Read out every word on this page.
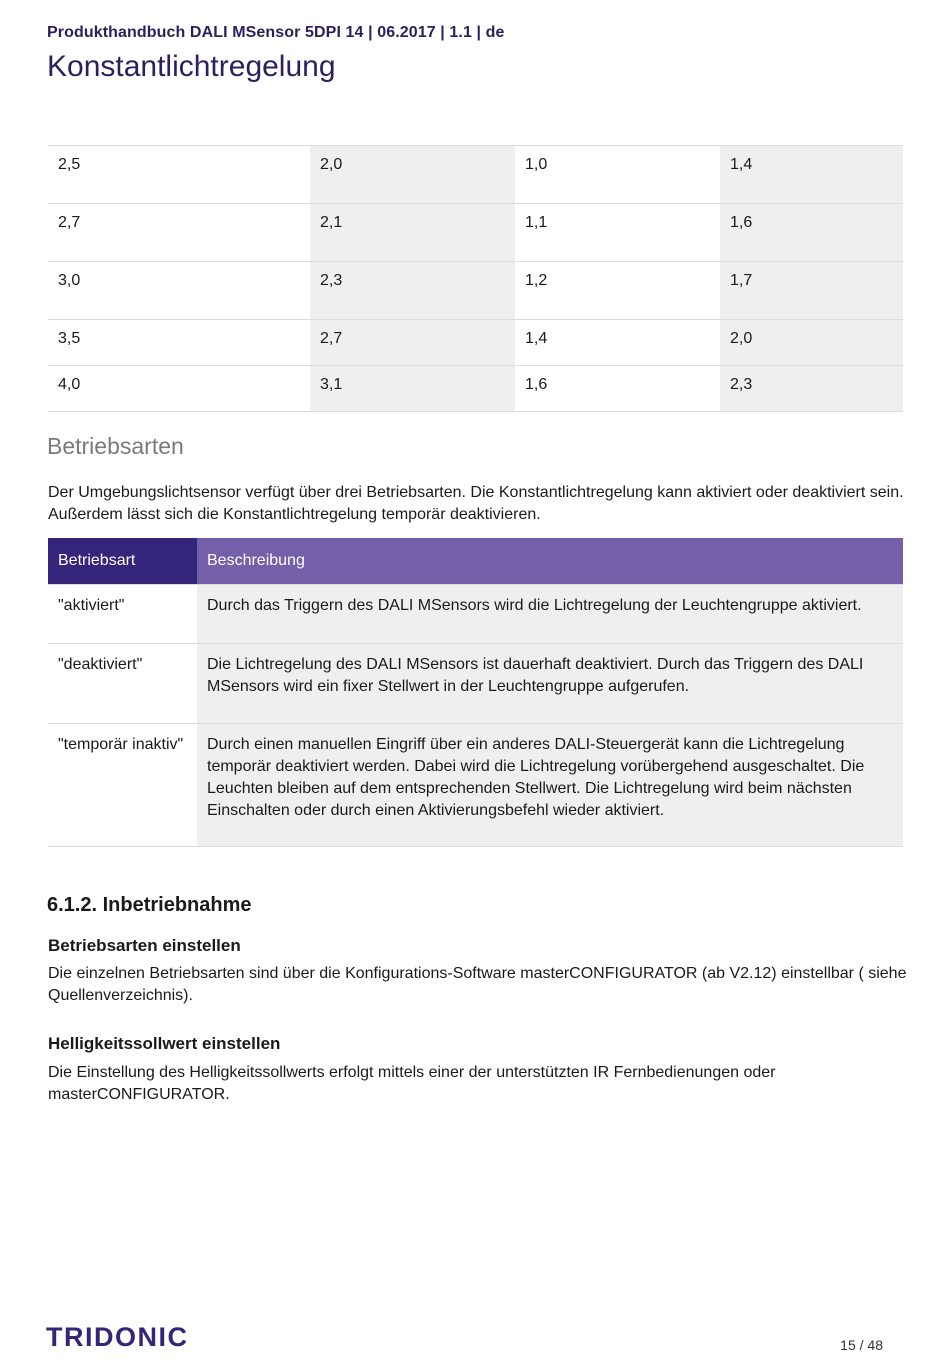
Produkthandbuch DALI MSensor 5DPI 14 | 06.2017 | 1.1 | de
Konstantlichtregelung
2,5	2,0	1,0	1,4
2,7	2,1	1,1	1,6
3,0	2,3	1,2	1,7
3,5	2,7	1,4	2,0
4,0	3,1	1,6	2,3
Betriebsarten
Der Umgebungslichtsensor verfügt über drei Betriebsarten. Die Konstantlichtregelung kann aktiviert oder deaktiviert sein. Außerdem lässt sich die Konstantlichtregelung temporär deaktivieren.
Betriebsart	Beschreibung
"aktiviert"	Durch das Triggern des DALI MSensors wird die Lichtregelung der Leuchtengruppe aktiviert.
"deaktiviert"	Die Lichtregelung des DALI MSensors ist dauerhaft deaktiviert. Durch das Triggern des DALI MSensors wird ein fixer Stellwert in der Leuchtengruppe aufgerufen.
"temporär inaktiv"	Durch einen manuellen Eingriff über ein anderes DALI-Steuergerät kann die Lichtregelung temporär deaktiviert werden. Dabei wird die Lichtregelung vorübergehend ausgeschaltet. Die Leuchten bleiben auf dem entsprechenden Stellwert. Die Lichtregelung wird beim nächsten Einschalten oder durch einen Aktivierungsbefehl wieder aktiviert.
6.1.2. Inbetriebnahme
Betriebsarten einstellen
Die einzelnen Betriebsarten sind über die Konfigurations-Software masterCONFIGURATOR (ab V2.12) einstellbar ( siehe Quellenverzeichnis).
Helligkeitssollwert einstellen
Die Einstellung des Helligkeitssollwerts erfolgt mittels einer der unterstützten IR Fernbedienungen oder masterCONFIGURATOR.
TRIDONIC	15 / 48
